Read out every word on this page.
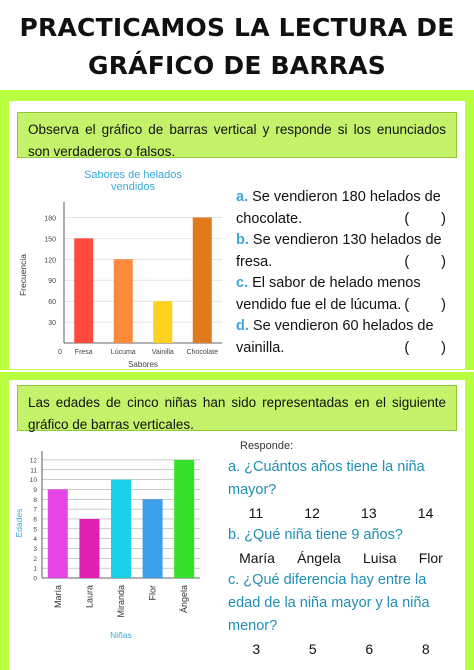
PRACTICAMOS LA LECTURA DE
GRÁFICO DE BARRAS
Observa el gráfico de barras vertical y responde si los enunciados son verdaderos o falsos.
Sabores de helados
vendidos
30
60
90
120
150
180
0 Fresa	Lúcuma Vainilla Chocolate
Sabores
Frecuencia
a. Se vendieron 180 helados de
chocolate.	( )
b. Se vendieron 130 helados de
fresa.	( )
c. El sabor de helado menos
vendido fue el de lúcuma. ( )
d. Se vendieron 60 helados de
vainilla.	( )
Las edades de cinco niñas han sido representadas en el siguiente gráfico de barras verticales.
0
1
2
3
4
5
6
7
8
9
10
11
12
María Laura Miranda Flor Ángela
Niñas
Edades
Responde:
a. ¿Cuántos años tiene la niña
mayor?
11	12	13	14
b. ¿Qué niña tiene 9 años?
María Ángela Luisa Flor
c. ¿Qué diferencia hay entre la
edad de la niña mayor y la niña
menor?
3	5	6	8
